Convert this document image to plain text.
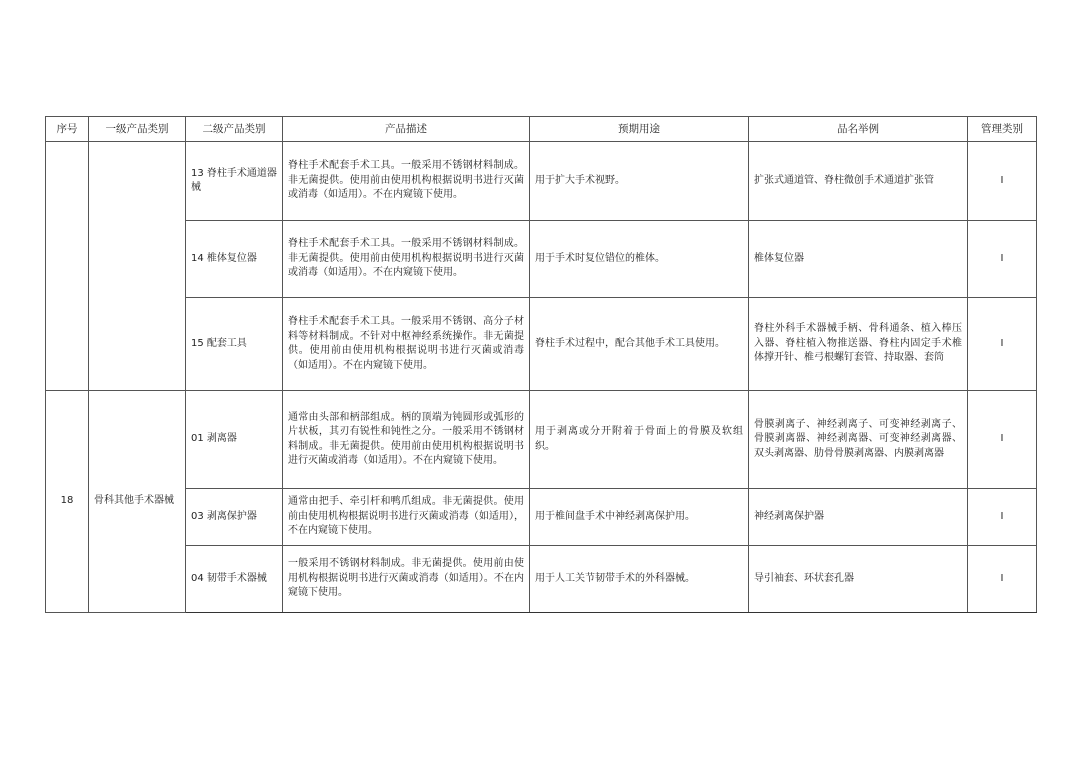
序号	一级产品类别	二级产品类别	产品描述	预期用途	品名举例	管理类别
		13 脊柱手术通道器械	脊柱手术配套手术工具。一般采用不锈钢材料制成。非无菌提供。使用前由使用机构根据说明书进行灭菌或消毒（如适用）。不在内窥镜下使用。	用于扩大手术视野。	扩张式通道管、脊柱微创手术通道扩张管	I
		14 椎体复位器	脊柱手术配套手术工具。一般采用不锈钢材料制成。非无菌提供。使用前由使用机构根据说明书进行灭菌或消毒（如适用）。不在内窥镜下使用。	用于手术时复位错位的椎体。	椎体复位器	I
		15 配套工具	脊柱手术配套手术工具。一般采用不锈钢、高分子材料等材料制成。不针对中枢神经系统操作。非无菌提供。使用前由使用机构根据说明书进行灭菌或消毒（如适用）。不在内窥镜下使用。	脊柱手术过程中，配合其他手术工具使用。	脊柱外科手术器械手柄、骨科通条、植入棒压入器、脊柱植入物推送器、脊柱内固定手术椎体撑开针、椎弓根螺钉套管、持取器、套筒	I
18	骨科其他手术器械	01 剥离器	通常由头部和柄部组成。柄的顶端为钝圆形或弧形的片状板，其刃有锐性和钝性之分。一般采用不锈钢材料制成。非无菌提供。使用前由使用机构根据说明书进行灭菌或消毒（如适用）。不在内窥镜下使用。	用于剥离或分开附着于骨面上的骨膜及软组织。	骨膜剥离子、神经剥离子、可变神经剥离子、骨膜剥离器、神经剥离器、可变神经剥离器、双头剥离器、肋骨骨膜剥离器、内膜剥离器	I
		03 剥离保护器	通常由把手、牵引杆和鸭爪组成。非无菌提供。使用前由使用机构根据说明书进行灭菌或消毒（如适用），不在内窥镜下使用。	用于椎间盘手术中神经剥离保护用。	神经剥离保护器	I
		04 韧带手术器械	一般采用不锈钢材料制成。非无菌提供。使用前由使用机构根据说明书进行灭菌或消毒（如适用）。不在内窥镜下使用。	用于人工关节韧带手术的外科器械。	导引袖套、环状套孔器	I
